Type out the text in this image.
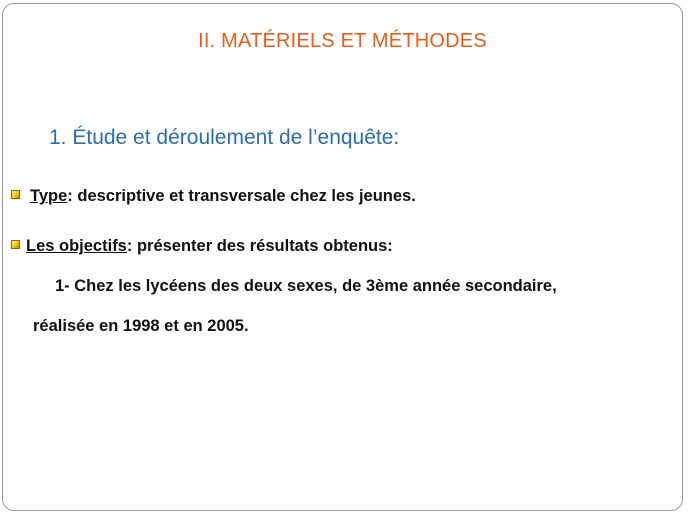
II. MATÉRIELS ET MÉTHODES
1. Étude et déroulement de l’enquête:
Type: descriptive et transversale chez les jeunes.
Les objectifs: présenter des résultats obtenus:
1- Chez les lycéens des deux sexes, de 3ème année secondaire,
réalisée en 1998 et en 2005.
